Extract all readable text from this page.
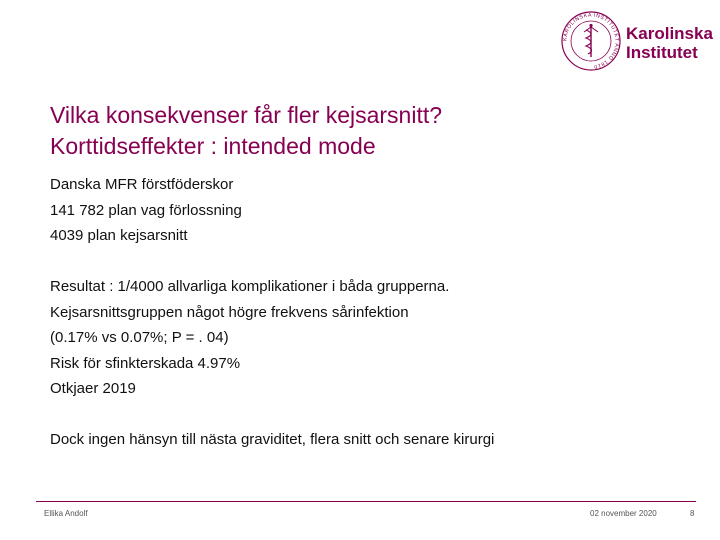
KAROLINSKA INSTITUTET ANNO 1810
Karolinska
Institutet
Vilka konsekvenser får fler kejsarsnitt?
Korttidseffekter : intended mode
Danska MFR förstföderskor
141 782 plan vag förlossning
4039 plan kejsarsnitt
Resultat : 1/4000 allvarliga komplikationer i båda grupperna.
Kejsarsnittsgruppen något högre frekvens sårinfektion
(0.17% vs 0.07%; P = . 04)
Risk för sfinkterskada 4.97%
Otkjaer 2019
Dock ingen hänsyn till nästa graviditet, flera snitt och senare kirurgi
Ellika Andolf	02 november 2020	8
